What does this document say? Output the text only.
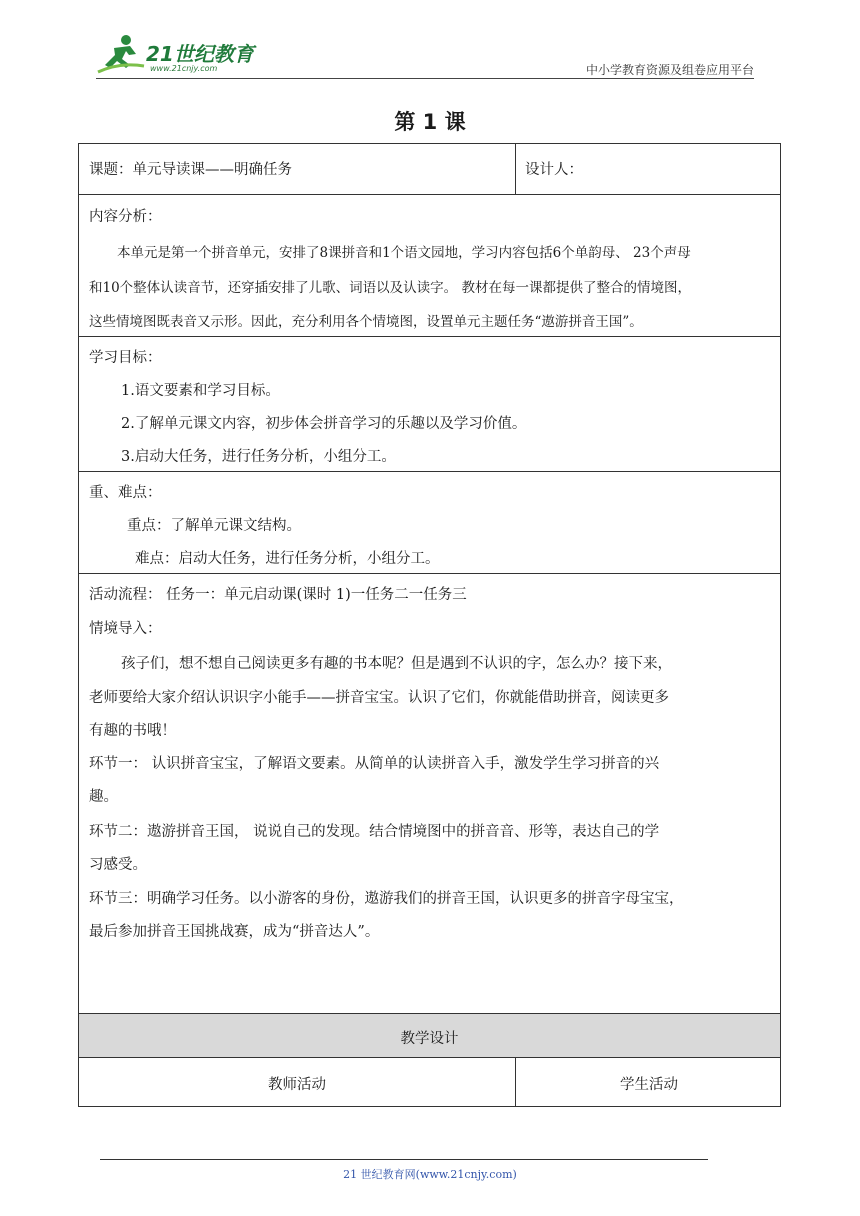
21世纪教育
www.21cnjy.com	中小学教育资源及组卷应用平台
第 1 课
课题：单元导读课——明确任务	设计人：
内容分析：
本单元是第一个拼音单元，安排了8课拼音和1个语文园地，学习内容包括6个单韵母、 23个声母
和10个整体认读音节，还穿插安排了儿歌、词语以及认读字。 教材在每一课都提供了整合的情境图，
这些情境图既表音又示形。因此，充分利用各个情境图，设置单元主题任务“遨游拼音王国”。
学习目标：
1.语文要素和学习目标。
2.了解单元课文内容，初步体会拼音学习的乐趣以及学习价值。
3.启动大任务，进行任务分析，小组分工。
重、难点：
重点：了解单元课文结构。
难点：启动大任务，进行任务分析，小组分工。
活动流程： 任务一：单元启动课(课时 1)一任务二一任务三
情境导入：
孩子们，想不想自己阅读更多有趣的书本呢？但是遇到不认识的字，怎么办？接下来，
老师要给大家介绍认识识字小能手——拼音宝宝。认识了它们，你就能借助拼音，阅读更多
有趣的书哦！
环节一： 认识拼音宝宝，了解语文要素。从简单的认读拼音入手，激发学生学习拼音的兴
趣。
环节二：遨游拼音王国， 说说自己的发现。结合情境图中的拼音音、形等，表达自己的学
习感受。
环节三：明确学习任务。以小游客的身份，遨游我们的拼音王国，认识更多的拼音字母宝宝，
最后参加拼音王国挑战赛，成为“拼音达人”。
教学设计
教师活动	学生活动
21 世纪教育网(www.21cnjy.com)
